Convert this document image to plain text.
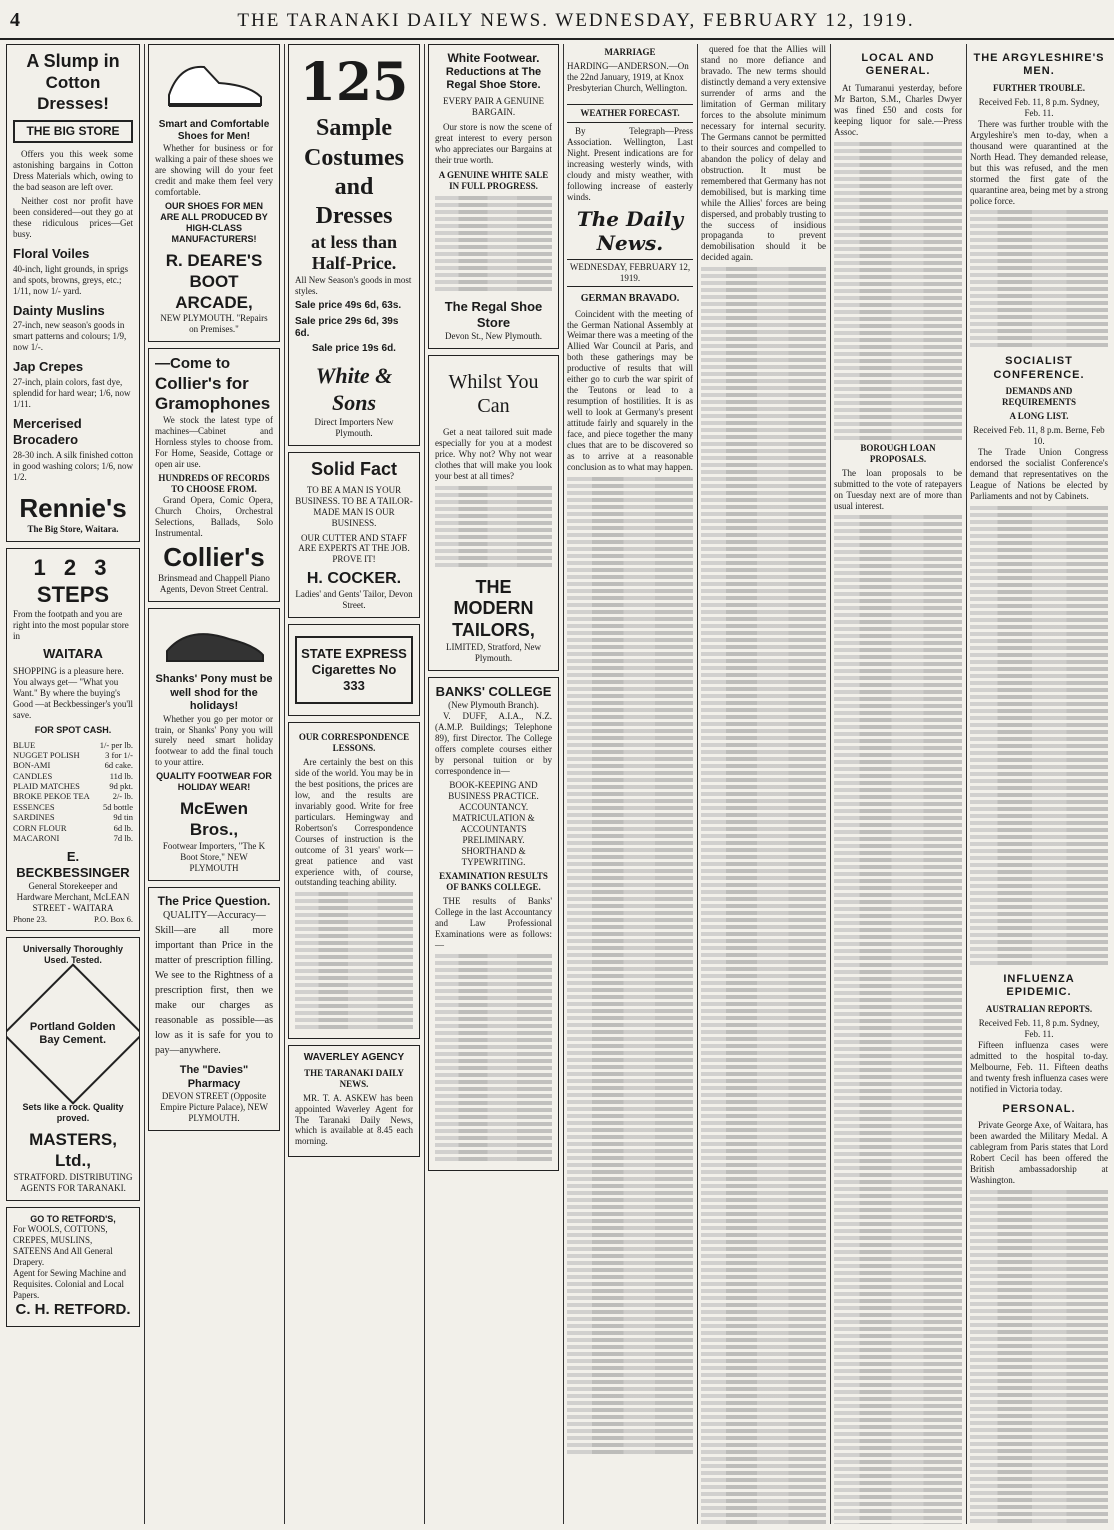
4	THE TARANAKI DAILY NEWS. WEDNESDAY, FEBRUARY 12, 1919.
A Slump in
Cotton Dresses!
THE BIG STORE

Offers you this week some astonishing bargains in Cotton Dress Materials which, owing to the bad season are left over.

Neither cost nor profit have been considered—out they go at these ridiculous prices—Get busy.

Floral Voiles

40-inch, light grounds, in sprigs and spots, browns, greys, etc.; 1/11, now 1/- yard.

Dainty Muslins

27-inch, new season's goods in smart patterns and colours; 1/9, now 1/-.

Jap Crepes

27-inch, plain colors, fast dye, splendid for hard wear; 1/6, now 1/11.

Mercerised Brocadero

28-30 inch. A silk finished cotton in good washing colors; 1/6, now 1/2.

Rennie's
The Big Store, Waitara.
1 2 3
STEPS

From the footpath and you are right into the most popular store in

WAITARA

SHOPPING is a pleasure here. You always get— "What you Want." By where the buying's Good —at Beckbessinger's you'll save.

FOR SPOT CASH.
BLUE	1/- per lb.
NUGGET POLISH	3 for 1/-
BON-AMI	6d cake.
CANDLES	11d lb.
PLAID MATCHES	9d pkt.
BROKE PEKOE TEA	2/- lb.
ESSENCES	5d bottle
SARDINES	9d tin
CORN FLOUR	6d lb.
MACARONI	7d lb.
E. BECKBESSINGER
General Storekeeper and Hardware Merchant, McLEAN STREET - WAITARA
Phone 23.	P.O. Box 6.
Universally Thoroughly Used. Tested.
Portland Golden Bay Cement.
Sets like a rock. Quality proved.
MASTERS, Ltd.,
STRATFORD. DISTRIBUTING AGENTS FOR TARANAKI.
GO TO RETFORD'S,

For WOOLS, COTTONS, CREPES, MUSLINS, SATEENS And All General Drapery.

Agent for Sewing Machine and Requisites. Colonial and Local Papers.

C. H. RETFORD.
Smart and Comfortable Shoes for Men!

Whether for business or for walking a pair of these shoes we are showing will do your feet credit and make them feel very comfortable.

OUR SHOES FOR MEN ARE ALL PRODUCED BY HIGH-CLASS MANUFACTURERS!
R. DEARE'S BOOT ARCADE,
NEW PLYMOUTH. "Repairs on Premises."
—Come to
Collier's for Gramophones

We stock the latest type of machines—Cabinet and Hornless styles to choose from. For Home, Seaside, Cottage or open air use.

HUNDREDS OF RECORDS TO CHOOSE FROM.

Grand Opera, Comic Opera, Church Choirs, Orchestral Selections, Ballads, Solo Instrumental.

Collier's
Brinsmead and Chappell Piano Agents, Devon Street Central.
Shanks' Pony must be well shod for the holidays!

Whether you go per motor or train, or Shanks' Pony you will surely need smart holiday footwear to add the final touch to your attire.

QUALITY FOOTWEAR FOR HOLIDAY WEAR!
McEwen Bros.,
Footwear Importers, "The K Boot Store," NEW PLYMOUTH
The Price Question.

QUALITY—Accuracy—Skill—are all more important than Price in the matter of prescription filling. We see to the Rightness of a prescription first, then we make our charges as reasonable as possible—as low as it is safe for you to pay—anywhere.

The "Davies" Pharmacy
DEVON STREET (Opposite Empire Picture Palace), NEW PLYMOUTH.
125
Sample
Costumes
and
Dresses
at less than
Half-Price.

All New Season's goods in most styles.

Sale price 49s 6d, 63s.
Sale price 29s 6d, 39s 6d.
Sale price 19s 6d.
White & Sons
Direct Importers New Plymouth.
Solid Fact
TO BE A MAN IS YOUR BUSINESS. TO BE A TAILOR-MADE MAN IS OUR BUSINESS.
OUR CUTTER AND STAFF ARE EXPERTS AT THE JOB. PROVE IT!
H. COCKER.
Ladies' and Gents' Tailor, Devon Street.
STATE EXPRESS Cigarettes No 333
OUR CORRESPONDENCE LESSONS.

Are certainly the best on this side of the world. You may be in the best positions, the prices are low, and the results are invariably good. Write for free particulars. Hemingway and Robertson's Correspondence Courses of instruction is the outcome of 31 years' work—great patience and vast experience with, of course, outstanding teaching ability.

WAVERLEY AGENCY
THE TARANAKI DAILY NEWS.

MR. T. A. ASKEW has been appointed Waverley Agent for The Taranaki Daily News, which is available at 8.45 each morning.

White Footwear.
Reductions at The Regal Shoe Store.
EVERY PAIR A GENUINE BARGAIN.

Our store is now the scene of great interest to every person who appreciates our Bargains at their true worth.

A GENUINE WHITE SALE IN FULL PROGRESS.
The Regal Shoe Store
Devon St., New Plymouth.
Whilst You Can

Get a neat tailored suit made especially for you at a modest price. Why not? Why not wear clothes that will make you look your best at all times?

THE MODERN TAILORS,
LIMITED, Stratford, New Plymouth.
BANKS' COLLEGE
(New Plymouth Branch).

V. DUFF, A.I.A., N.Z. (A.M.P. Buildings; Telephone 89), first Director. The College offers complete courses either by personal tuition or by correspondence in—

BOOK-KEEPING AND BUSINESS PRACTICE. ACCOUNTANCY. MATRICULATION & ACCOUNTANTS PRELIMINARY. SHORTHAND & TYPEWRITING.
EXAMINATION RESULTS OF BANKS COLLEGE.

THE results of Banks' College in the last Accountancy and Law Professional Examinations were as follows:—

MARRIAGE

HARDING—ANDERSON.—On the 22nd January, 1919, at Knox Presbyterian Church, Wellington.

WEATHER FORECAST.

By Telegraph—Press Association. Wellington, Last Night. Present indications are for increasing westerly winds, with cloudy and misty weather, with following increase of easterly winds.

The Daily News.
WEDNESDAY, FEBRUARY 12, 1919.
GERMAN BRAVADO.

Coincident with the meeting of the German National Assembly at Weimar there was a meeting of the Allied War Council at Paris, and both these gatherings may be productive of results that will either go to curb the war spirit of the Teutons or lead to a resumption of hostilities. It is as well to look at Germany's present attitude fairly and squarely in the face, and piece together the many clues that are to be discovered so as to arrive at a reasonable conclusion as to what may happen.

quered foe that the Allies will stand no more defiance and bravado. The new terms should distinctly demand a very extensive surrender of arms and the limitation of German military forces to the absolute minimum necessary for internal security. The Germans cannot be permitted to their sources and compelled to abandon the policy of delay and obstruction. It must be remembered that Germany has not demobilised, but is marking time while the Allies' forces are being dispersed, and probably trusting to the success of insidious propaganda to prevent demobilisation should it be decided again.

LOCAL AND GENERAL.

At Tumaranui yesterday, before Mr Barton, S.M., Charles Dwyer was fined £50 and costs for keeping liquor for sale.—Press Assoc.

BOROUGH LOAN PROPOSALS.

The loan proposals to be submitted to the vote of ratepayers on Tuesday next are of more than usual interest.

THE ARGYLESHIRE'S MEN.
FURTHER TROUBLE.
Received Feb. 11, 8 p.m. Sydney, Feb. 11.

There was further trouble with the Argyleshire's men to-day, when a thousand were quarantined at the North Head. They demanded release, but this was refused, and the men stormed the first gate of the quarantine area, being met by a strong police force.

SOCIALIST CONFERENCE.
DEMANDS AND REQUIREMENTS
A LONG LIST.
Received Feb. 11, 8 p.m. Berne, Feb 10.

The Trade Union Congress endorsed the socialist Conference's demand that representatives on the League of Nations be elected by Parliaments and not by Cabinets.

INFLUENZA EPIDEMIC.
AUSTRALIAN REPORTS.
Received Feb. 11, 8 p.m. Sydney, Feb. 11.

Fifteen influenza cases were admitted to the hospital to-day. Melbourne, Feb. 11. Fifteen deaths and twenty fresh influenza cases were notified in Victoria today.

PERSONAL.

Private George Axe, of Waitara, has been awarded the Military Medal. A cablegram from Paris states that Lord Robert Cecil has been offered the British ambassadorship at Washington.
